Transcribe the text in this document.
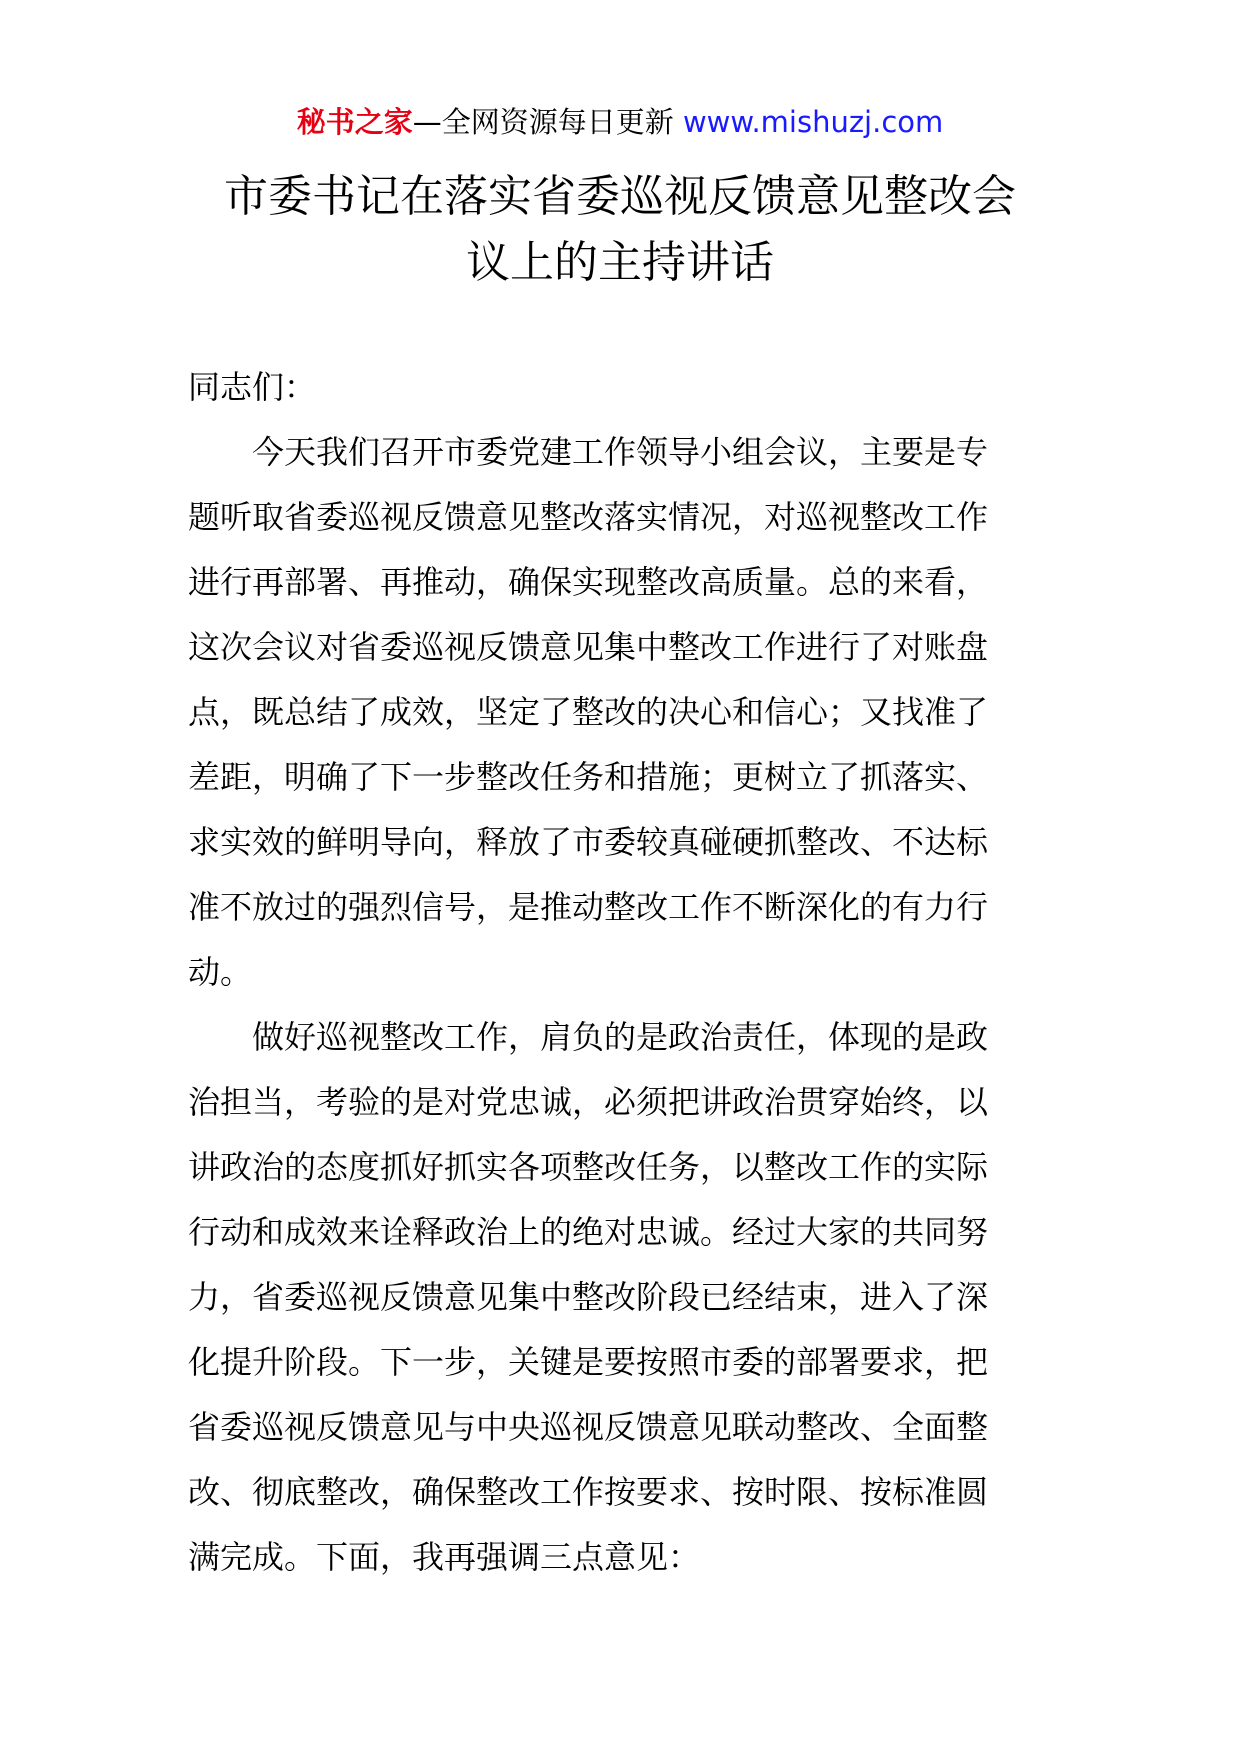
秘书之家—全网资源每日更新 www.mishuzj.com
市委书记在落实省委巡视反馈意见整改会
议上的主持讲话

同志们：

　　今天我们召开市委党建工作领导小组会议，主要是专
题听取省委巡视反馈意见整改落实情况，对巡视整改工作
进行再部署、再推动，确保实现整改高质量。总的来看，
这次会议对省委巡视反馈意见集中整改工作进行了对账盘
点，既总结了成效，坚定了整改的决心和信心；又找准了
差距，明确了下一步整改任务和措施；更树立了抓落实、
求实效的鲜明导向，释放了市委较真碰硬抓整改、不达标
准不放过的强烈信号，是推动整改工作不断深化的有力行
动。

　　做好巡视整改工作，肩负的是政治责任，体现的是政
治担当，考验的是对党忠诚，必须把讲政治贯穿始终，以
讲政治的态度抓好抓实各项整改任务，以整改工作的实际
行动和成效来诠释政治上的绝对忠诚。经过大家的共同努
力，省委巡视反馈意见集中整改阶段已经结束，进入了深
化提升阶段。下一步，关键是要按照市委的部署要求，把
省委巡视反馈意见与中央巡视反馈意见联动整改、全面整
改、彻底整改，确保整改工作按要求、按时限、按标准圆
满完成。下面，我再强调三点意见：
